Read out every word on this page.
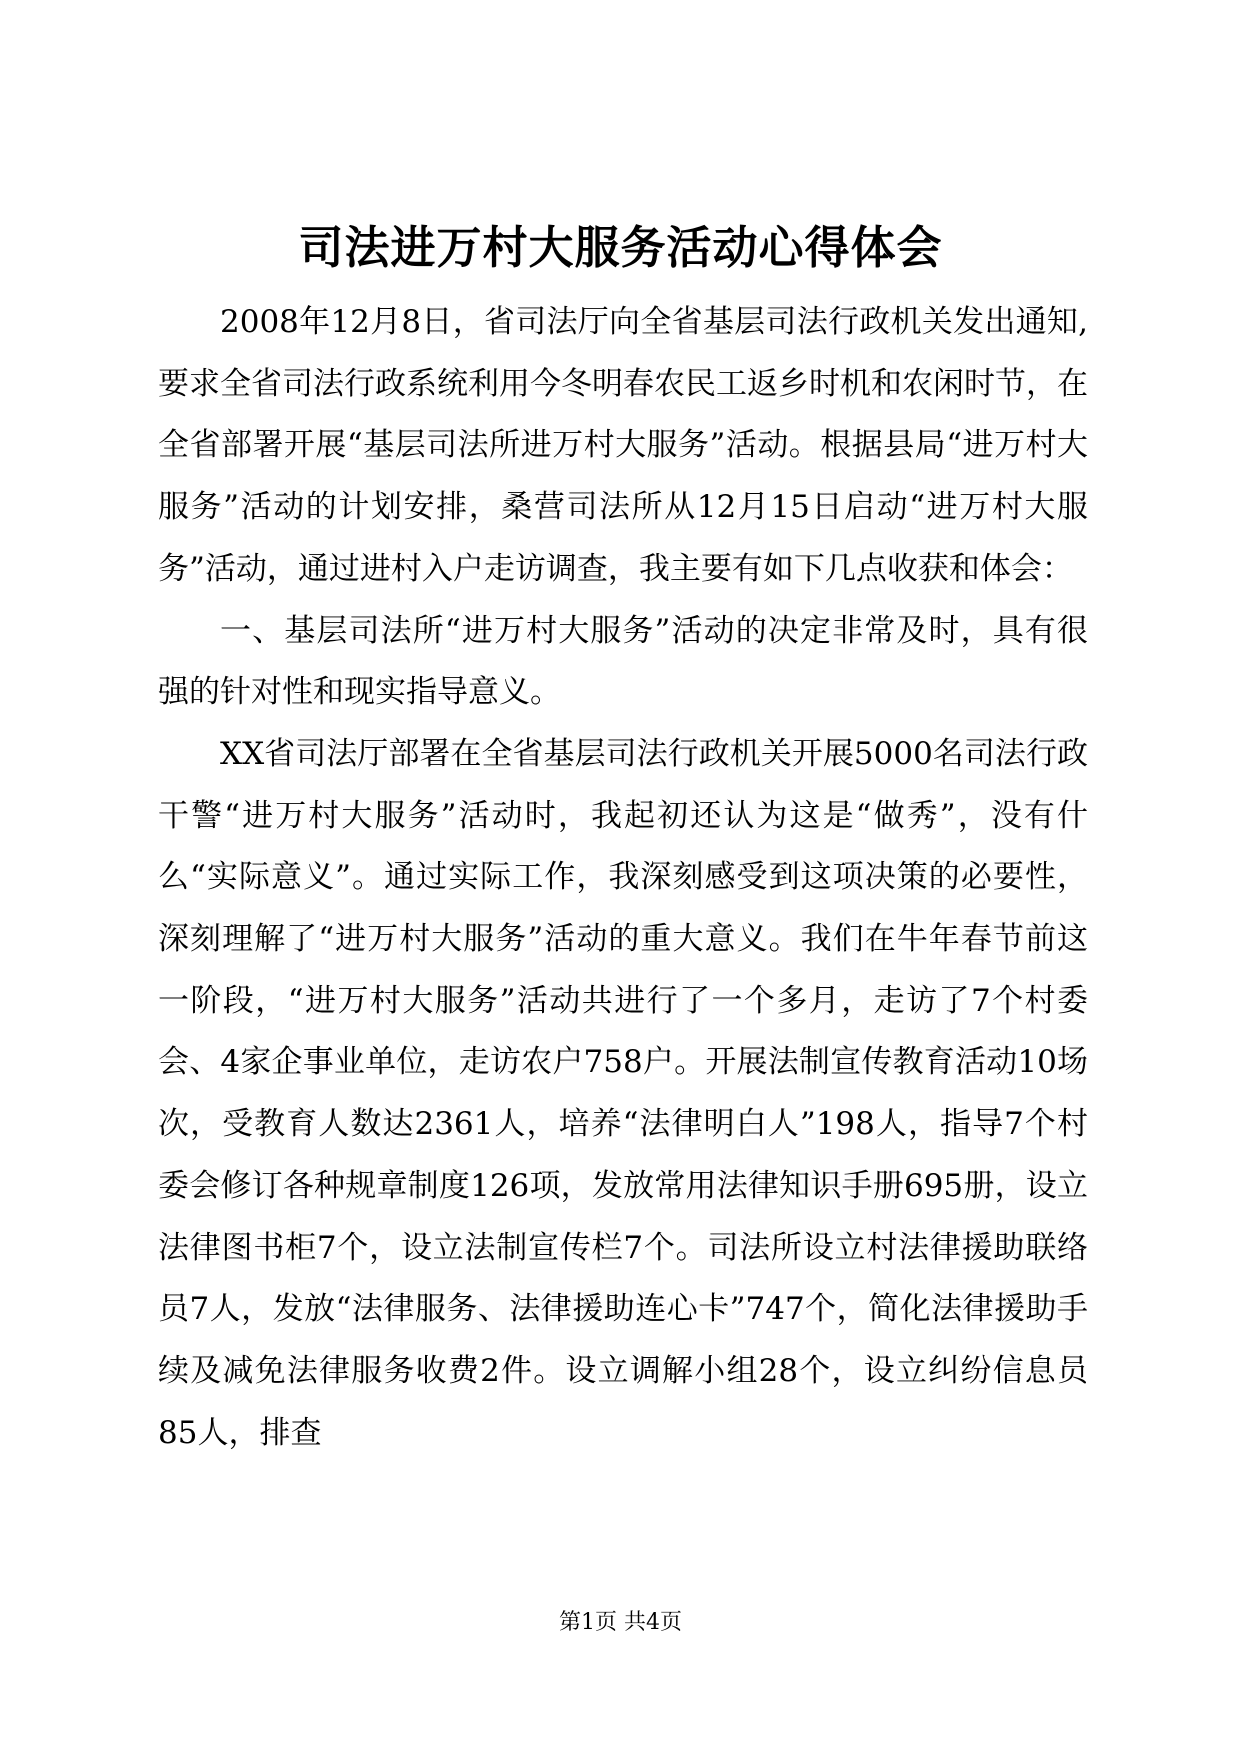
司法进万村大服务活动心得体会

2008年12月8日，省司法厅向全省基层司法行政机关发出通知,要求全省司法行政系统利用今冬明春农民工返乡时机和农闲时节，在全省部署开展“基层司法所进万村大服务”活动。根据县局“进万村大服务”活动的计划安排，桑营司法所从12月15日启动“进万村大服务”活动，通过进村入户走访调查，我主要有如下几点收获和体会：

一、基层司法所“进万村大服务”活动的决定非常及时，具有很强的针对性和现实指导意义。

XX省司法厅部署在全省基层司法行政机关开展5000名司法行政干警“进万村大服务”活动时，我起初还认为这是“做秀”，没有什么“实际意义”。通过实际工作，我深刻感受到这项决策的必要性，深刻理解了“进万村大服务”活动的重大意义。我们在牛年春节前这一阶段，“进万村大服务”活动共进行了一个多月，走访了7个村委会、4家企事业单位，走访农户758户。开展法制宣传教育活动10场次，受教育人数达2361人，培养“法律明白人”198人，指导7个村委会修订各种规章制度126项，发放常用法律知识手册695册，设立法律图书柜7个，设立法制宣传栏7个。司法所设立村法律援助联络员7人，发放“法律服务、法律援助连心卡”747个，简化法律援助手续及减免法律服务收费2件。设立调解小组28个，设立纠纷信息员85人，排查

第1页 共4页
